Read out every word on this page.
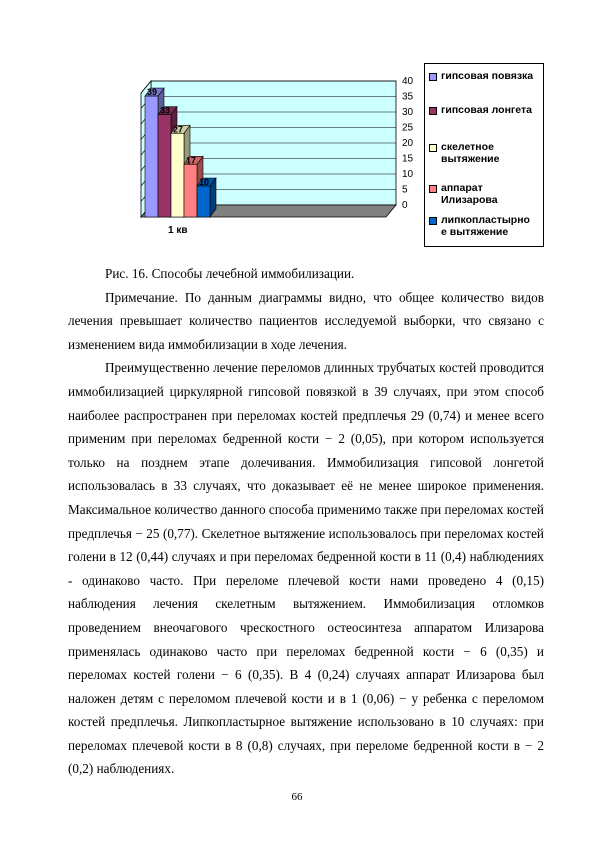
39
33
27
17
10
0
5
10
15
20
25
30
35
40
1 кв
гипсовая повязка
гипсовая лонгета
скелетное
вытяжение
аппарат
Илизарова
липкопластырно
е вытяжение

Рис. 16. Способы лечебной иммобилизации.

Примечание. По данным диаграммы видно, что общее количество видов лечения превышает количество пациентов исследуемой выборки, что связано с изменением вида иммобилизации в ходе лечения.

Преимущественно лечение переломов длинных трубчатых костей проводится иммобилизацией циркулярной гипсовой повязкой в 39 случаях, при этом способ наиболее распространен при переломах костей предплечья 29 (0,74) и менее всего применим при переломах бедренной кости − 2 (0,05), при котором используется только на позднем этапе долечивания. Иммобилизация гипсовой лонгетой использовалась в 33 случаях, что доказывает её не менее широкое применения. Максимальное количество данного способа применимо также при переломах костей предплечья − 25 (0,77). Скелетное вытяжение использовалось при переломах костей голени в 12 (0,44) случаях и при переломах бедренной кости в 11 (0,4) наблюдениях - одинаково часто. При переломе плечевой кости нами проведено 4 (0,15) наблюдения лечения скелетным вытяжением. Иммобилизация отломков проведением внеочагового чрескостного остеосинтеза аппаратом Илизарова применялась одинаково часто при переломах бедренной кости − 6 (0,35) и переломах костей голени − 6 (0,35). В 4 (0,24) случаях аппарат Илизарова был наложен детям с переломом плечевой кости и в 1 (0,06) − у ребенка с переломом костей предплечья. Липкопластырное вытяжение использовано в 10 случаях: при переломах плечевой кости в 8 (0,8) случаях, при переломе бедренной кости в − 2 (0,2) наблюдениях.

66
